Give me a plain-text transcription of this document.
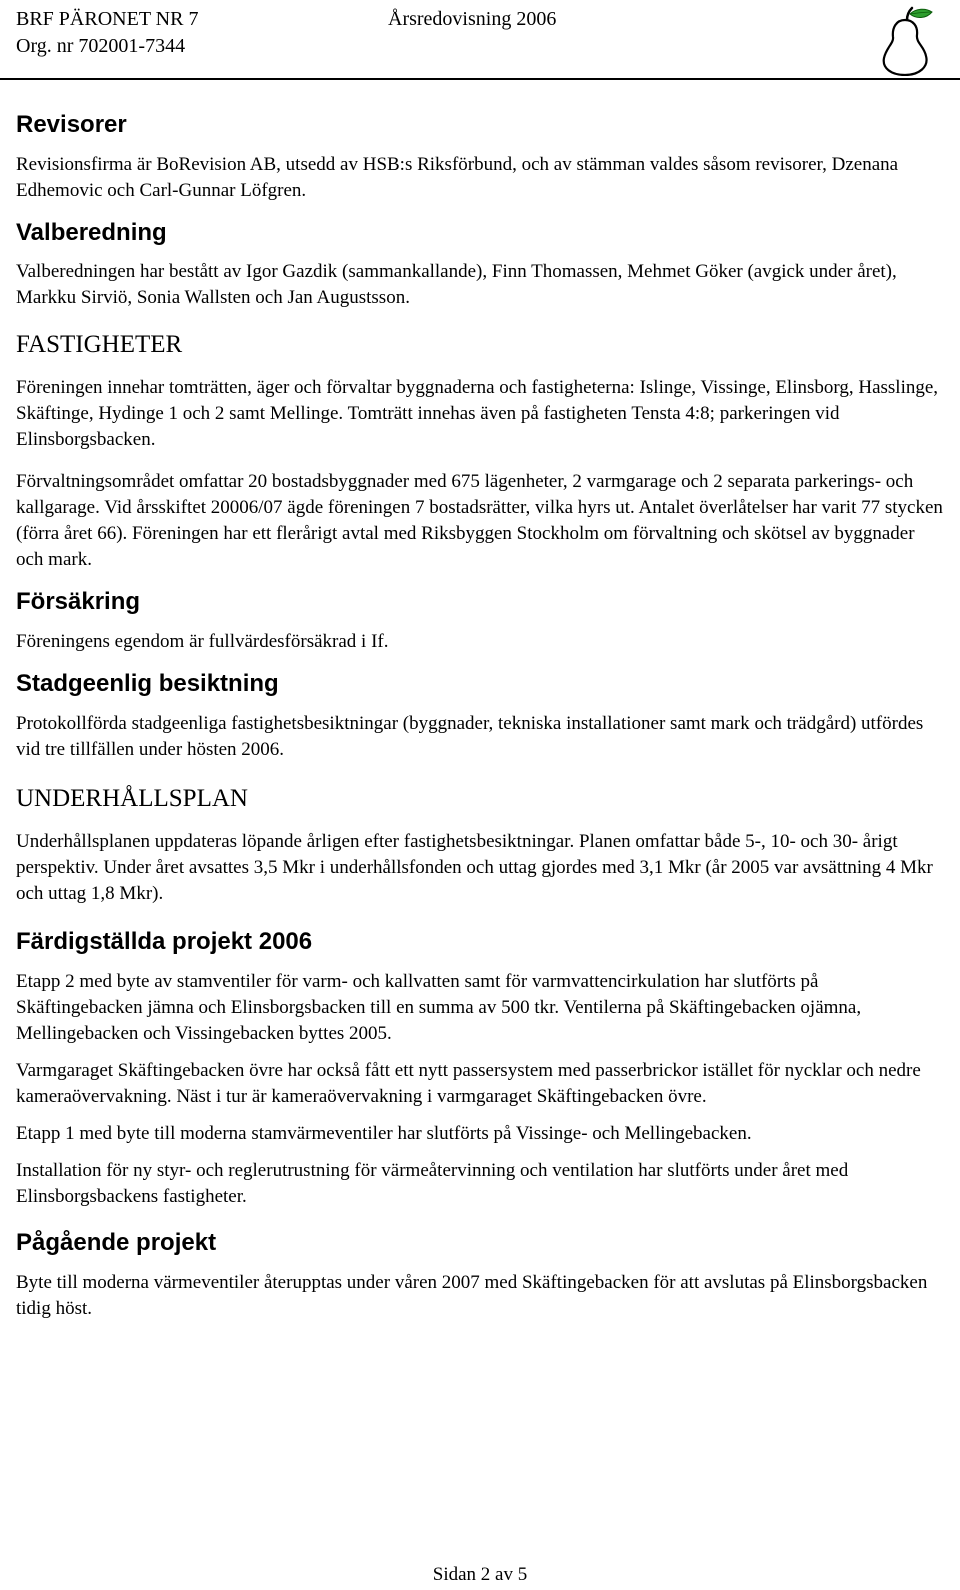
BRF PÄRONET NR 7
Org. nr 702001-7344
Årsredovisning 2006
Revisorer

Revisionsfirma är BoRevision AB, utsedd av HSB:s Riksförbund, och av stämman valdes såsom revisorer, Dzenana Edhemovic och Carl-Gunnar Löfgren.

Valberedning

Valberedningen har bestått av Igor Gazdik (sammankallande), Finn Thomassen, Mehmet Göker (avgick under året), Markku Sirviö, Sonia Wallsten och Jan Augustsson.

FASTIGHETER

Föreningen innehar tomträtten, äger och förvaltar byggnaderna och fastigheterna: Islinge, Vissinge, Elinsborg, Hasslinge, Skäftinge, Hydinge 1 och 2 samt Mellinge. Tomträtt innehas även på fastigheten Tensta 4:8; parkeringen vid Elinsborgsbacken.

Förvaltningsområdet omfattar 20 bostadsbyggnader med 675 lägenheter, 2 varmgarage och 2 separata parkerings- och kallgarage. Vid årsskiftet 20006/07 ägde föreningen 7 bostadsrätter, vilka hyrs ut. Antalet överlåtelser har varit 77 stycken (förra året 66). Föreningen har ett flerårigt avtal med Riksbyggen Stockholm om förvaltning och skötsel av byggnader och mark.

Försäkring

Föreningens egendom är fullvärdesförsäkrad i If.

Stadgeenlig besiktning

Protokollförda stadgeenliga fastighetsbesiktningar (byggnader, tekniska installationer samt mark och trädgård) utfördes vid tre tillfällen under hösten 2006.

UNDERHÅLLSPLAN

Underhållsplanen uppdateras löpande årligen efter fastighetsbesiktningar. Planen omfattar både 5-, 10- och 30- årigt perspektiv. Under året avsattes 3,5 Mkr i underhållsfonden och uttag gjordes med 3,1 Mkr (år 2005 var avsättning 4 Mkr och uttag 1,8 Mkr).

Färdigställda projekt 2006

Etapp 2 med byte av stamventiler för varm- och kallvatten samt för varmvattencirkulation har slutförts på Skäftingebacken jämna och Elinsborgsbacken till en summa av 500 tkr. Ventilerna på Skäftingebacken ojämna, Mellingebacken och Vissingebacken byttes 2005.

Varmgaraget Skäftingebacken övre har också fått ett nytt passersystem med passerbrickor istället för nycklar och nedre kameraövervakning. Näst i tur är kameraövervakning i varmgaraget Skäftingebacken övre.

Etapp 1 med byte till moderna stamvärmeventiler har slutförts på Vissinge- och Mellingebacken.

Installation för ny styr- och reglerutrustning för värmeåtervinning och ventilation har slutförts under året med Elinsborgsbackens fastigheter.

Pågående projekt

Byte till moderna värmeventiler återupptas under våren 2007 med Skäftingebacken för att avslutas på Elinsborgsbacken tidig höst.

Sidan 2 av 5
